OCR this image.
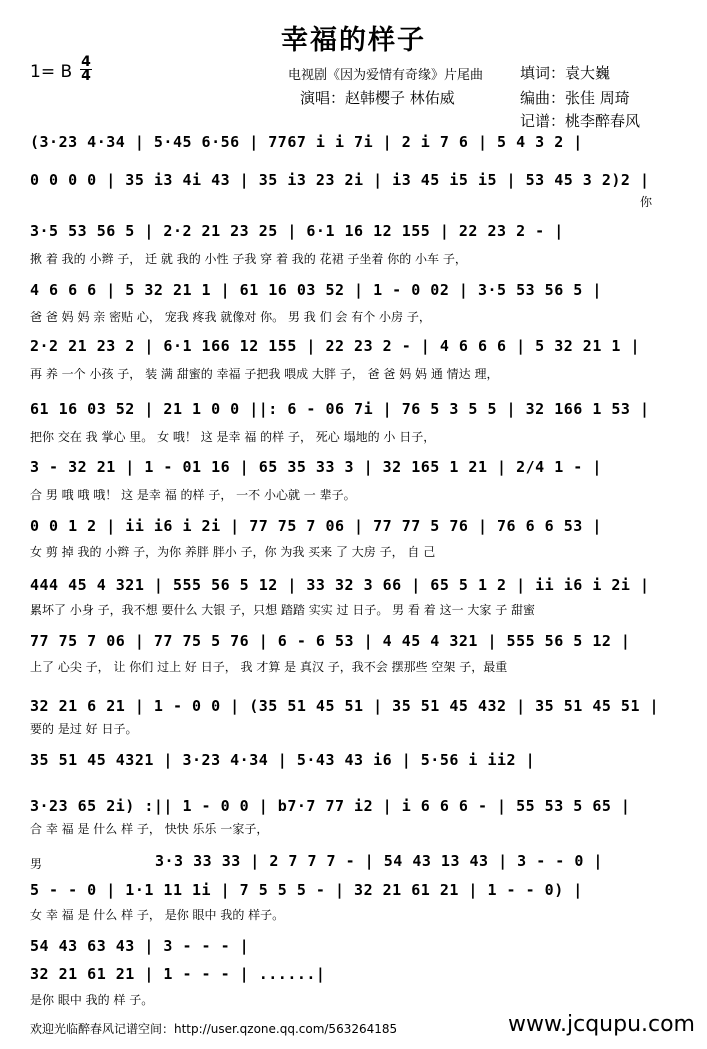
幸福的样子
1= B 4
4	电视剧《因为爱情有奇缘》片尾曲 填词：袁大巍
演唱：赵韩樱子 林佑威	编曲：张佳 周琦
记谱：桃李醉春风
(3·23 4·34 | 5·45 6·56 | 7767 i i 7i | 2 i 7 6 | 5 4 3 2 |
0 0 0 0 | 35 i3 4i 43 | 35 i3 23 2i | i3 45 i5 i5 | 53 45 3 2)2 |
你
3·5 53 56 5 | 2·2 21 23 25 | 6·1 16 12 155 | 22 23 2 - |
揪 着 我的 小辫 子， 迁 就 我的 小性 子我 穿 着 我的 花裙 子坐着 你的 小车 子，
4 6 6 6 | 5 32 21 1 | 61 16 03 52 | 1 - 0 02 | 3·5 53 56 5 |
爸 爸 妈 妈 亲 密贴 心， 宠我 疼我 就像对 你。 男 我 们 会 有个 小房 子，
2·2 21 23 2 | 6·1 166 12 155 | 22 23 2 - | 4 6 6 6 | 5 32 21 1 |
再 养 一个 小孩 子， 装 满 甜蜜的 幸福 子把我 喂成 大胖 子， 爸 爸 妈 妈 通 情达 理，
61 16 03 52 | 21 1 0 0 ||: 6 - 06 7i | 76 5 3 5 5 | 32 166 1 53 |
把你 交在 我 掌心 里。 女 哦！ 这 是幸 福 的样 子， 死心 塌地的 小 日子，
3 - 32 21 | 1 - 01 16 | 65 35 33 3 | 32 165 1 21 | 2/4 1 - |
合 男 哦 哦 哦！ 这 是幸 福 的样 子， 一不 小心就 一 辈子。
0 0 1 2 | ii i6 i 2i | 77 75 7 06 | 77 77 5 76 | 76 6 6 53 |
女 剪 掉 我的 小辫 子，为你 养胖 胖小 子，你 为我 买来 了 大房 子， 自 己
444 45 4 321 | 555 56 5 12 | 33 32 3 66 | 65 5 1 2 | ii i6 i 2i |
累坏了 小身 子，我不想 要什么 大银 子，只想 踏踏 实实 过 日子。 男 看 着 这一 大家 子 甜蜜
77 75 7 06 | 77 75 5 76 | 6 - 6 53 | 4 45 4 321 | 555 56 5 12 |
上了 心尖 子， 让 你们 过上 好 日子， 我 才算 是 真汉 子，我不会 摆那些 空架 子，最重
32 21 6 21 | 1 - 0 0 | (35 51 45 51 | 35 51 45 432 | 35 51 45 51 |
要的 是过 好 日子。
35 51 45 4321 | 3·23 4·34 | 5·43 43 i6 | 5·56 i ii2 |
3·23 65 2i) :|| 1 - 0 0 | b7·7 77 i2 | i 6 6 6 - | 55 53 5 65 |
合 幸 福 是 什么 样 子， 快快 乐乐 一家子，
男	3·3 33 33 | 2 7 7 7 - | 54 43 13 43 | 3 - - 0 |
5 - - 0 | 1·1 11 1i | 7 5 5 5 - | 32 21 61 21 | 1 - - 0) |
女 幸 福 是 什么 样 子， 是你 眼中 我的 样子。
54 43 63 43 | 3 - - - |
32 21 61 21 | 1 - - - | ......|
是你 眼中 我的 样 子。
欢迎光临醉春风记谱空间：http://user.qzone.qq.com/563264185	www.jcqupu.com
